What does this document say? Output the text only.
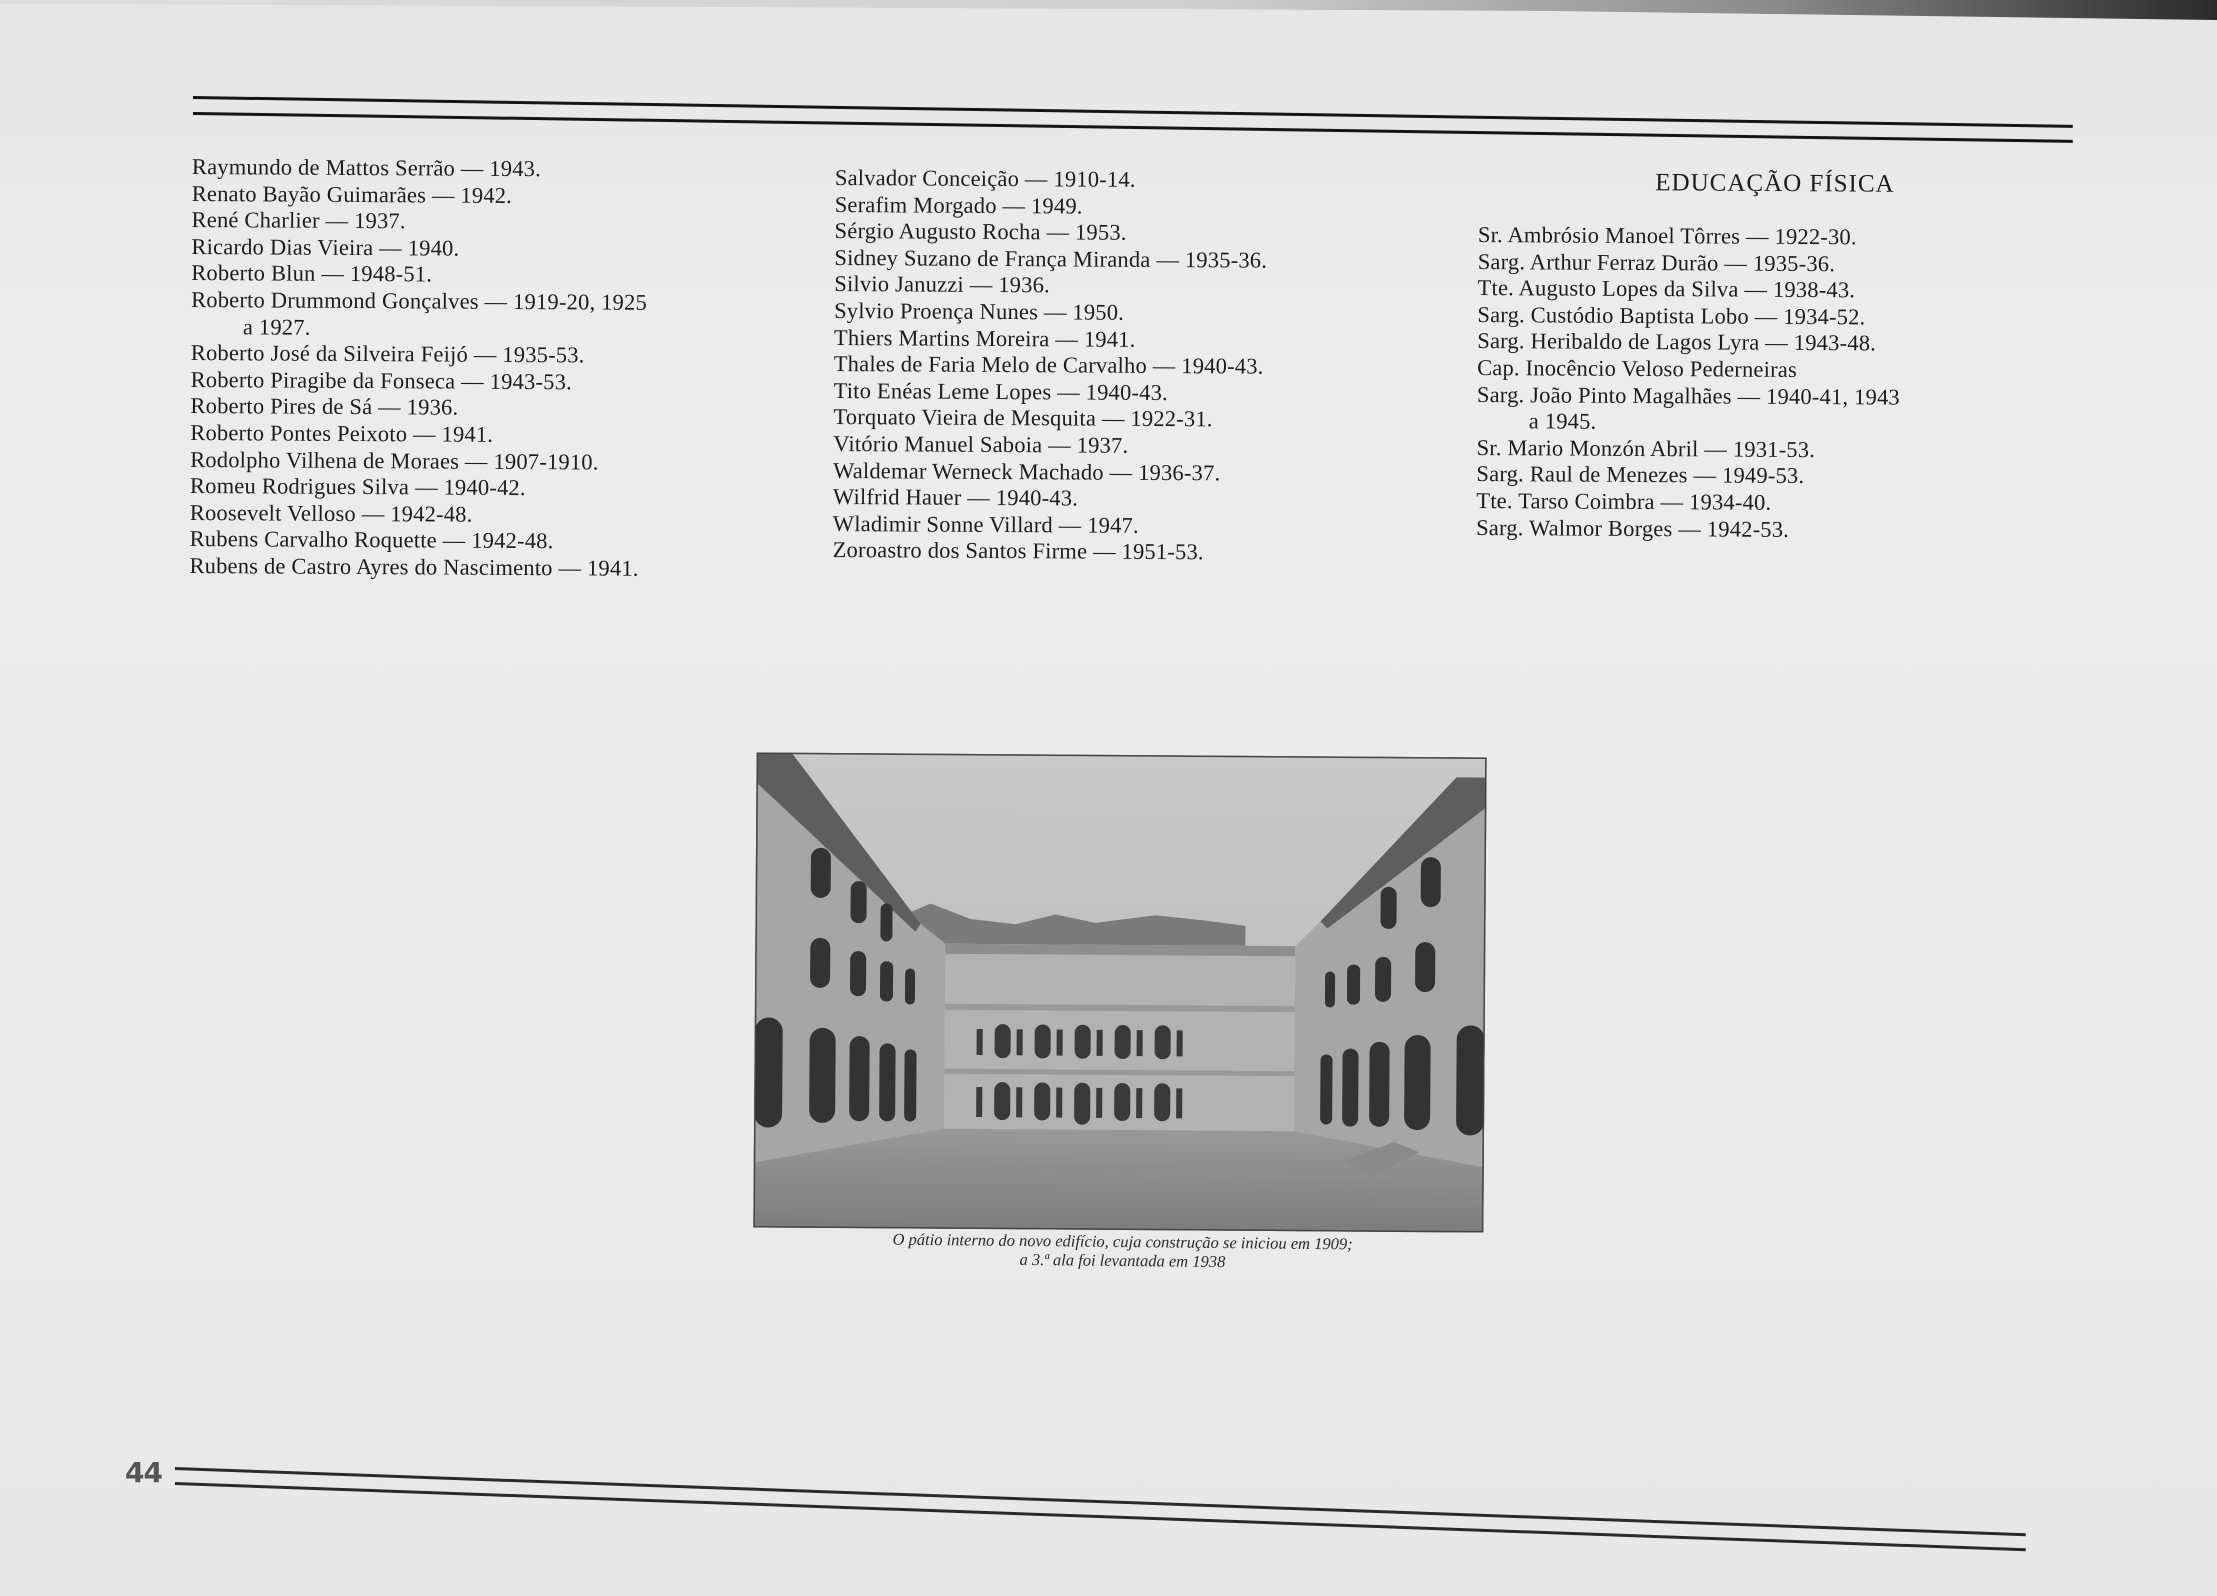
Raymundo de Mattos Serrão — 1943.
Renato Bayão Guimarães — 1942.
René Charlier — 1937.
Ricardo Dias Vieira — 1940.
Roberto Blun — 1948-51.
Roberto Drummond Gonçalves — 1919-20, 1925
a 1927.
Roberto José da Silveira Feijó — 1935-53.
Roberto Piragibe da Fonseca — 1943-53.
Roberto Pires de Sá — 1936.
Roberto Pontes Peixoto — 1941.
Rodolpho Vilhena de Moraes — 1907-1910.
Romeu Rodrigues Silva — 1940-42.
Roosevelt Velloso — 1942-48.
Rubens Carvalho Roquette — 1942-48.
Rubens de Castro Ayres do Nascimento — 1941.
Salvador Conceição — 1910-14.
Serafim Morgado — 1949.
Sérgio Augusto Rocha — 1953.
Sidney Suzano de França Miranda — 1935-36.
Silvio Januzzi — 1936.
Sylvio Proença Nunes — 1950.
Thiers Martins Moreira — 1941.
Thales de Faria Melo de Carvalho — 1940-43.
Tito Enéas Leme Lopes — 1940-43.
Torquato Vieira de Mesquita — 1922-31.
Vitório Manuel Saboia — 1937.
Waldemar Werneck Machado — 1936-37.
Wilfrid Hauer — 1940-43.
Wladimir Sonne Villard — 1947.
Zoroastro dos Santos Firme — 1951-53.
EDUCAÇÃO FÍSICA
Sr. Ambrósio Manoel Tôrres — 1922-30.
Sarg. Arthur Ferraz Durão — 1935-36.
Tte. Augusto Lopes da Silva — 1938-43.
Sarg. Custódio Baptista Lobo — 1934-52.
Sarg. Heribaldo de Lagos Lyra — 1943-48.
Cap. Inocêncio Veloso Pederneiras
Sarg. João Pinto Magalhães — 1940-41, 1943
a 1945.
Sr. Mario Monzón Abril — 1931-53.
Sarg. Raul de Menezes — 1949-53.
Tte. Tarso Coimbra — 1934-40.
Sarg. Walmor Borges — 1942-53.
O pátio interno do novo edifício, cuja construção se iniciou em 1909;
a 3.ª ala foi levantada em 1938
44
